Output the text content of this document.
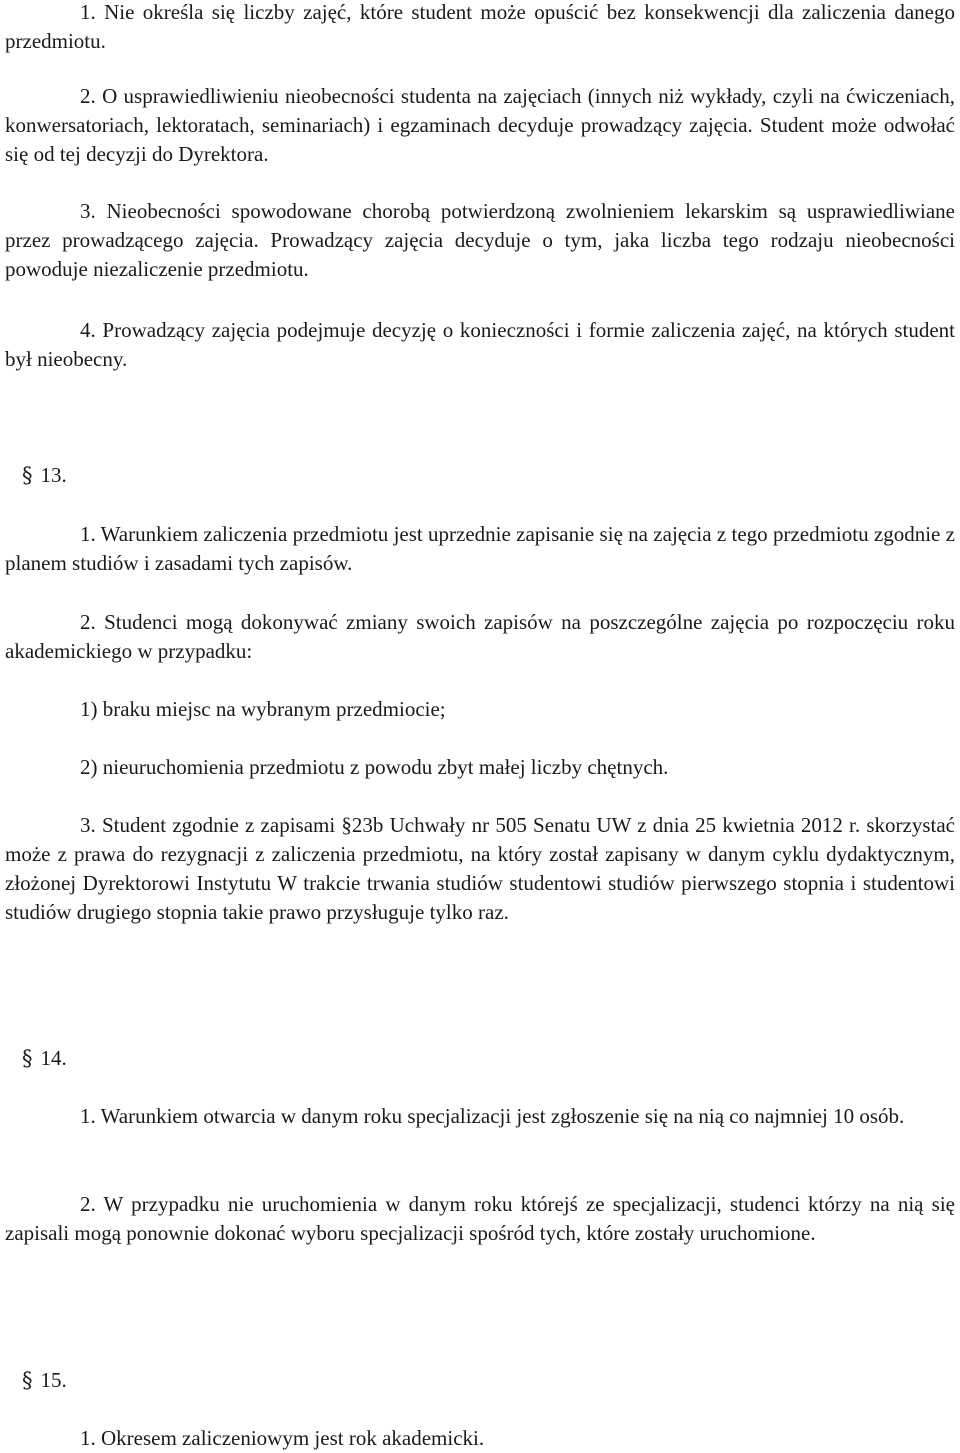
1. Nie określa się liczby zajęć, które student może opuścić bez konsekwencji dla zaliczenia danego przedmiotu.

2. O usprawiedliwieniu nieobecności studenta na zajęciach (innych niż wykłady, czyli na ćwiczeniach, konwersatoriach, lektoratach, seminariach) i egzaminach decyduje prowadzący zajęcia. Student może odwołać się od tej decyzji do Dyrektora.

3. Nieobecności spowodowane chorobą potwierdzoną zwolnieniem lekarskim są usprawiedliwiane przez prowadzącego zajęcia. Prowadzący zajęcia decyduje o tym, jaka liczba tego rodzaju nieobecności powoduje niezaliczenie przedmiotu.

4. Prowadzący zajęcia podejmuje decyzję o konieczności i formie zaliczenia zajęć, na których student był nieobecny.

§ 13.

1. Warunkiem zaliczenia przedmiotu jest uprzednie zapisanie się na zajęcia z tego przedmiotu zgodnie z planem studiów i zasadami tych zapisów.

2. Studenci mogą dokonywać zmiany swoich zapisów na poszczególne zajęcia po rozpoczęciu roku akademickiego w przypadku:

1) braku miejsc na wybranym przedmiocie;

2) nieuruchomienia przedmiotu z powodu zbyt małej liczby chętnych.

3. Student zgodnie z zapisami §23b Uchwały nr 505 Senatu UW z dnia 25 kwietnia 2012 r. skorzystać może z prawa do rezygnacji z zaliczenia przedmiotu, na który został zapisany w danym cyklu dydaktycznym, złożonej Dyrektorowi Instytutu W trakcie trwania studiów studentowi studiów pierwszego stopnia i studentowi studiów drugiego stopnia takie prawo przysługuje tylko raz.

§ 14.

1. Warunkiem otwarcia w danym roku specjalizacji jest zgłoszenie się na nią co najmniej 10 osób.

2. W przypadku nie uruchomienia w danym roku którejś ze specjalizacji, studenci którzy na nią się zapisali mogą ponownie dokonać wyboru specjalizacji spośród tych, które zostały uruchomione.

§ 15.

1. Okresem zaliczeniowym jest rok akademicki.
